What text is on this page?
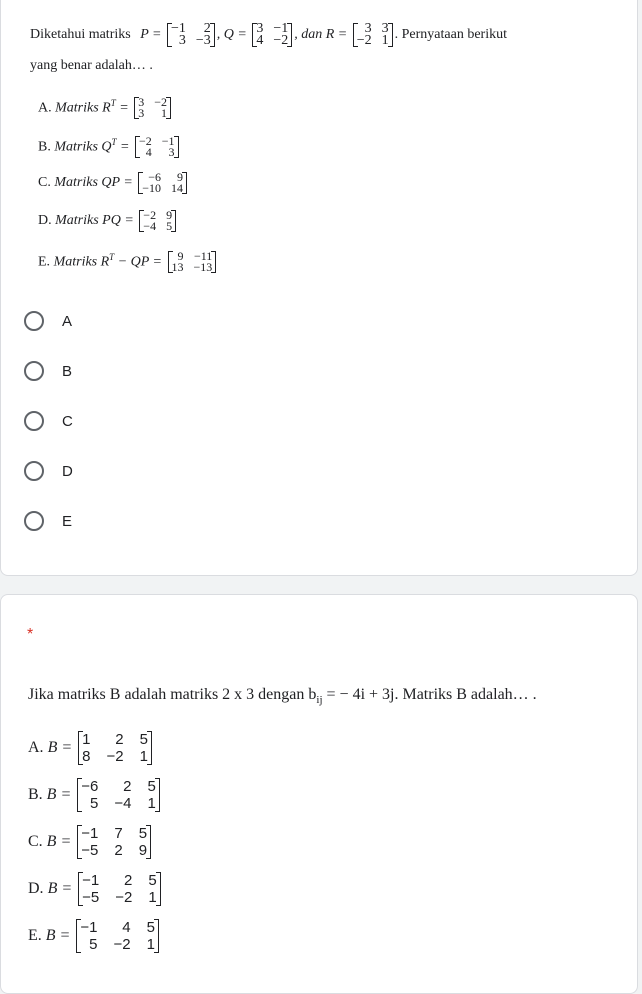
Diketahui matriks P = −1	2
3 −3 , Q = 3 −1
4 −2 , dan R =	3 3
−2 1 . Pernyataan berikut
yang benar adalah… .
A. Matriks $R^T = 3 -2$
3	1
B. Matriks $Q^T = -2 -1$
4	3
C. Matriks QP =	−6	9
−10 14
D. Matriks PQ = −2 9
−4 5
E. Matriks $R^T$ − QP =	9 −11
13 −13
A
B
C
D
E
*
Jika matriks B adalah matriks 2 x 3 dengan $b_{ij}$ = − 4i + 3j. Matriks B adalah… .
A. B = 1	2 5
8 −2 1
B. B = −6	2 5
5 −4 1
C. B = −1 7 5
−5 2 9
D. B = −1	2 5
−5 −2 1
E. B = −1	4 5
5 −2 1
